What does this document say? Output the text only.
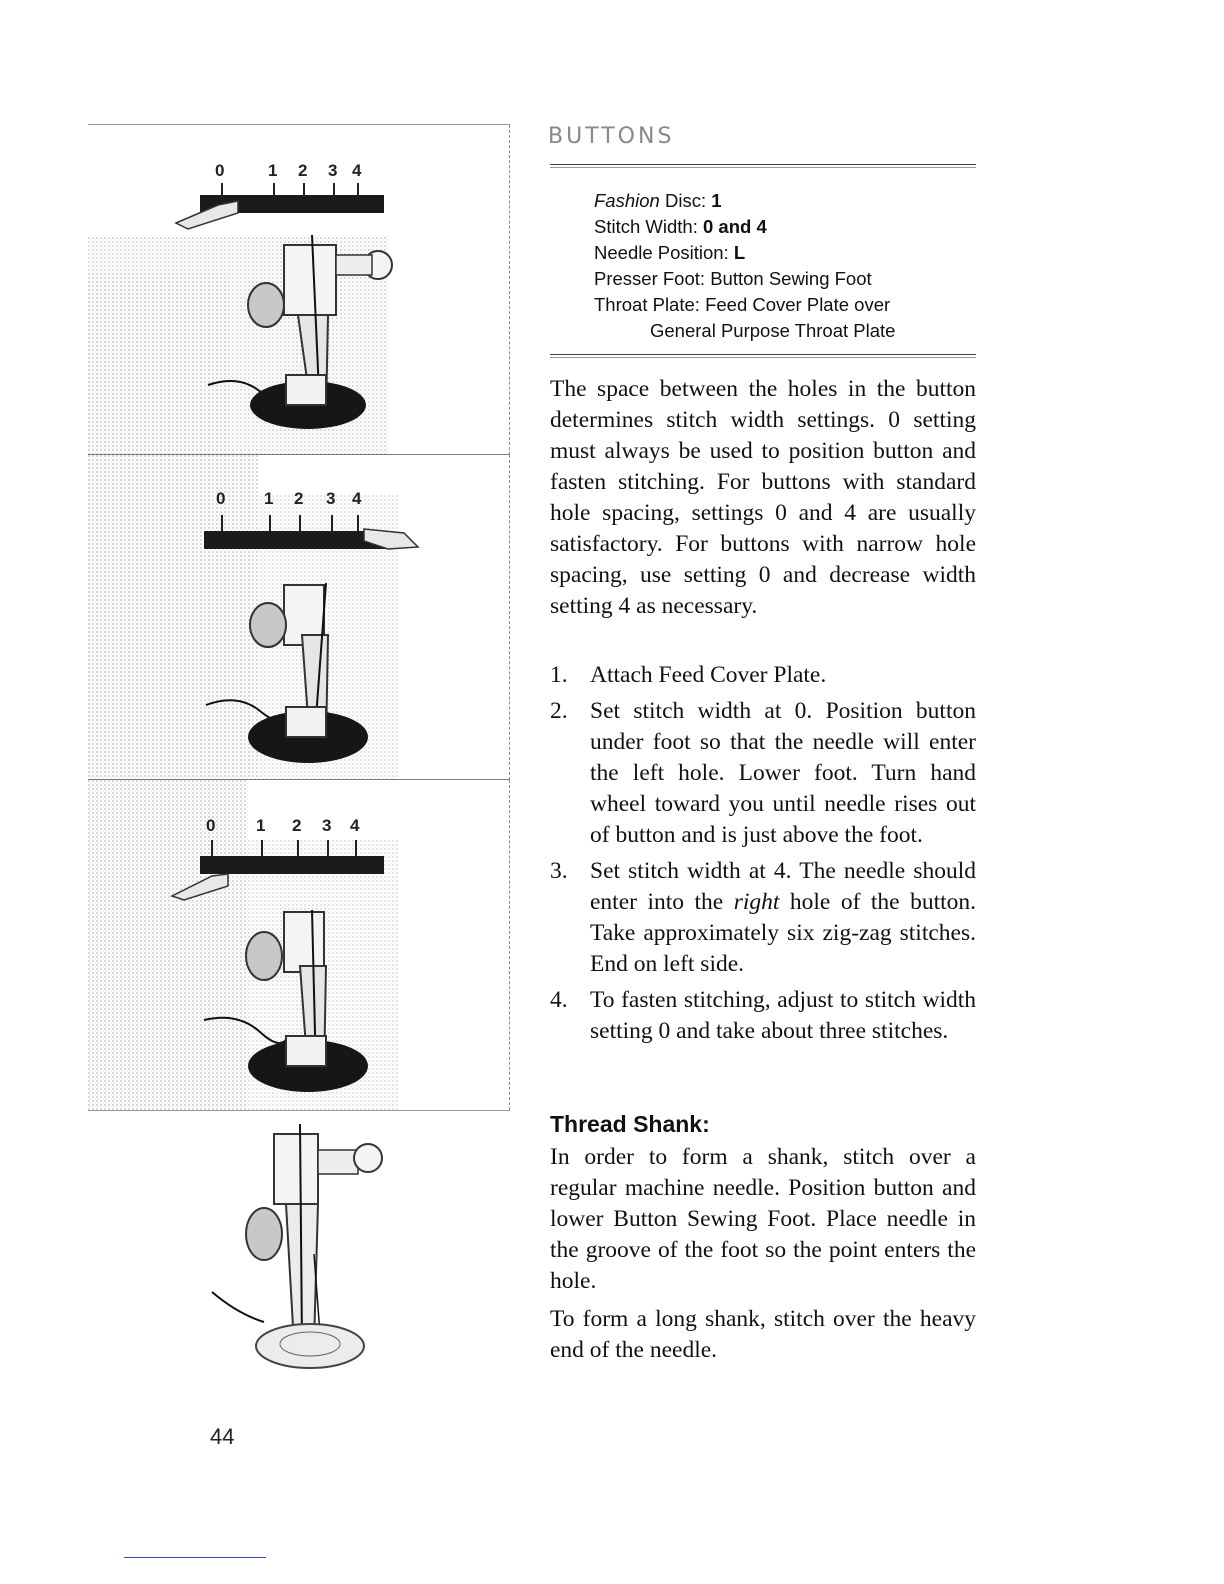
0	1 2 3 4
0 1 2 3 4
0 1 2 3 4
BUTTONS
Fashion Disc: 1
Stitch Width: 0 and 4
Needle Position: L
Presser Foot: Button Sewing Foot
Throat Plate: Feed Cover Plate over
General Purpose Throat Plate

The space between the holes in the button determines stitch width settings. 0 setting must always be used to position button and fasten stitching. For buttons with standard hole spacing, settings 0 and 4 are usually satisfactory. For buttons with narrow hole spacing, use setting 0 and decrease width setting 4 as necessary.

1. Attach Feed Cover Plate.
2. Set stitch width at 0. Position button under foot so that the needle will enter the left hole. Lower foot. Turn hand wheel toward you until needle rises out of button and is just above the foot.
3. Set stitch width at 4. The needle should enter into the right hole of the button. Take approximately six zig-zag stitches. End on left side.
4. To fasten stitching, adjust to stitch width setting 0 and take about three stitches.
Thread Shank:

In order to form a shank, stitch over a regular machine needle. Position button and lower Button Sewing Foot. Place needle in the groove of the foot so the point enters the hole.

To form a long shank, stitch over the heavy end of the needle.

44
